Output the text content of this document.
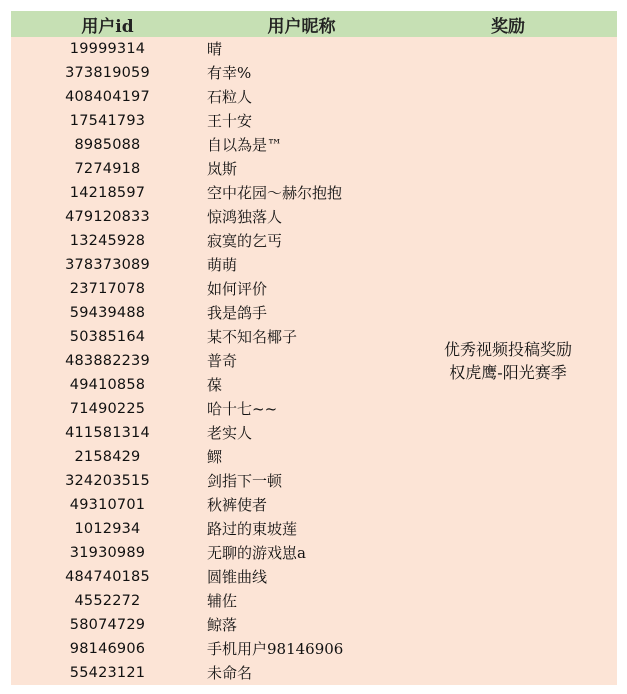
用户id	用户昵称	奖励
19999314
373819059
408404197
17541793
8985088
7274918
14218597
479120833
13245928
378373089
23717078
59439488
50385164
483882239
49410858
71490225
411581314
2158429
324203515
49310701
1012934
31930989
484740185
4552272
58074729
98146906
55423121
晴
有幸%
石粒人
王十安
自以為是™
岚斯
空中花园～赫尔抱抱
惊鸿独落人
寂寞的乞丐
萌萌
如何评价
我是鸽手
某不知名椰子
普奇
葆
哈十七~~
老实人
鳏
剑指下一顿
秋裤使者
路过的東坡莲
无聊的游戏崽a
圆锥曲线
辅佐
鲸落
手机用户98146906
未命名
优秀视频投稿奖励
权虎鹰-阳光赛季
